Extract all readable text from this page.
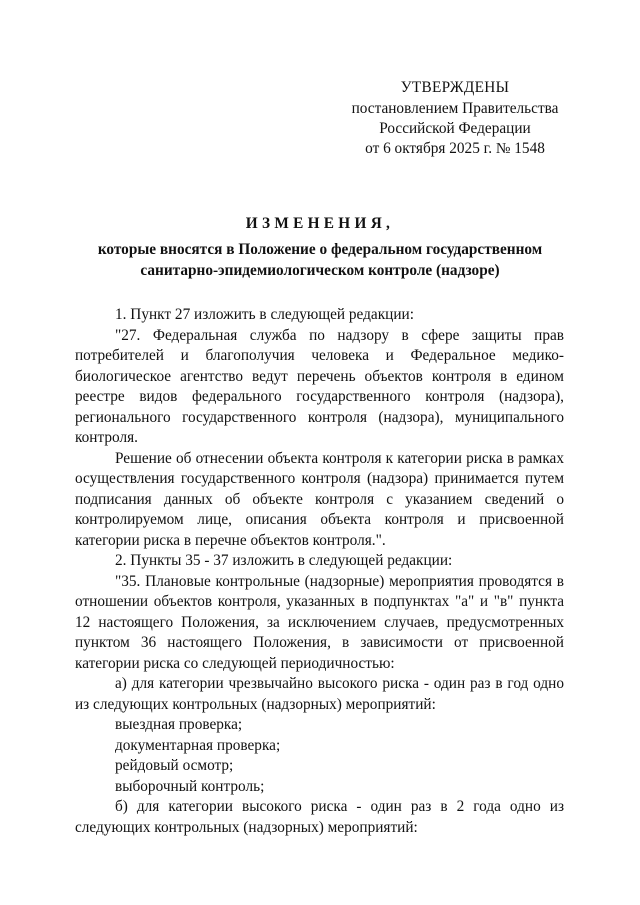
УТВЕРЖДЕНЫ
постановлением Правительства
Российской Федерации
от 6 октября 2025 г. № 1548
ИЗМЕНЕНИЯ,
которые вносятся в Положение о федеральном государственном
санитарно-эпидемиологическом контроле (надзоре)

1. Пункт 27 изложить в следующей редакции:

"27. Федеральная служба по надзору в сфере защиты прав потребителей и благополучия человека и Федеральное медико-биологическое агентство ведут перечень объектов контроля в едином реестре видов федерального государственного контроля (надзора), регионального государственного контроля (надзора), муниципального контроля.

Решение об отнесении объекта контроля к категории риска в рамках осуществления государственного контроля (надзора) принимается путем подписания данных об объекте контроля с указанием сведений о контролируемом лице, описания объекта контроля и присвоенной категории риска в перечне объектов контроля.".

2. Пункты 35 - 37 изложить в следующей редакции:

"35. Плановые контрольные (надзорные) мероприятия проводятся в отношении объектов контроля, указанных в подпунктах "а" и "в" пункта 12 настоящего Положения, за исключением случаев, предусмотренных пунктом 36 настоящего Положения, в зависимости от присвоенной категории риска со следующей периодичностью:

а) для категории чрезвычайно высокого риска - один раз в год одно из следующих контрольных (надзорных) мероприятий:

выездная проверка;

документарная проверка;

рейдовый осмотр;

выборочный контроль;

б) для категории высокого риска - один раз в 2 года одно из следующих контрольных (надзорных) мероприятий:
